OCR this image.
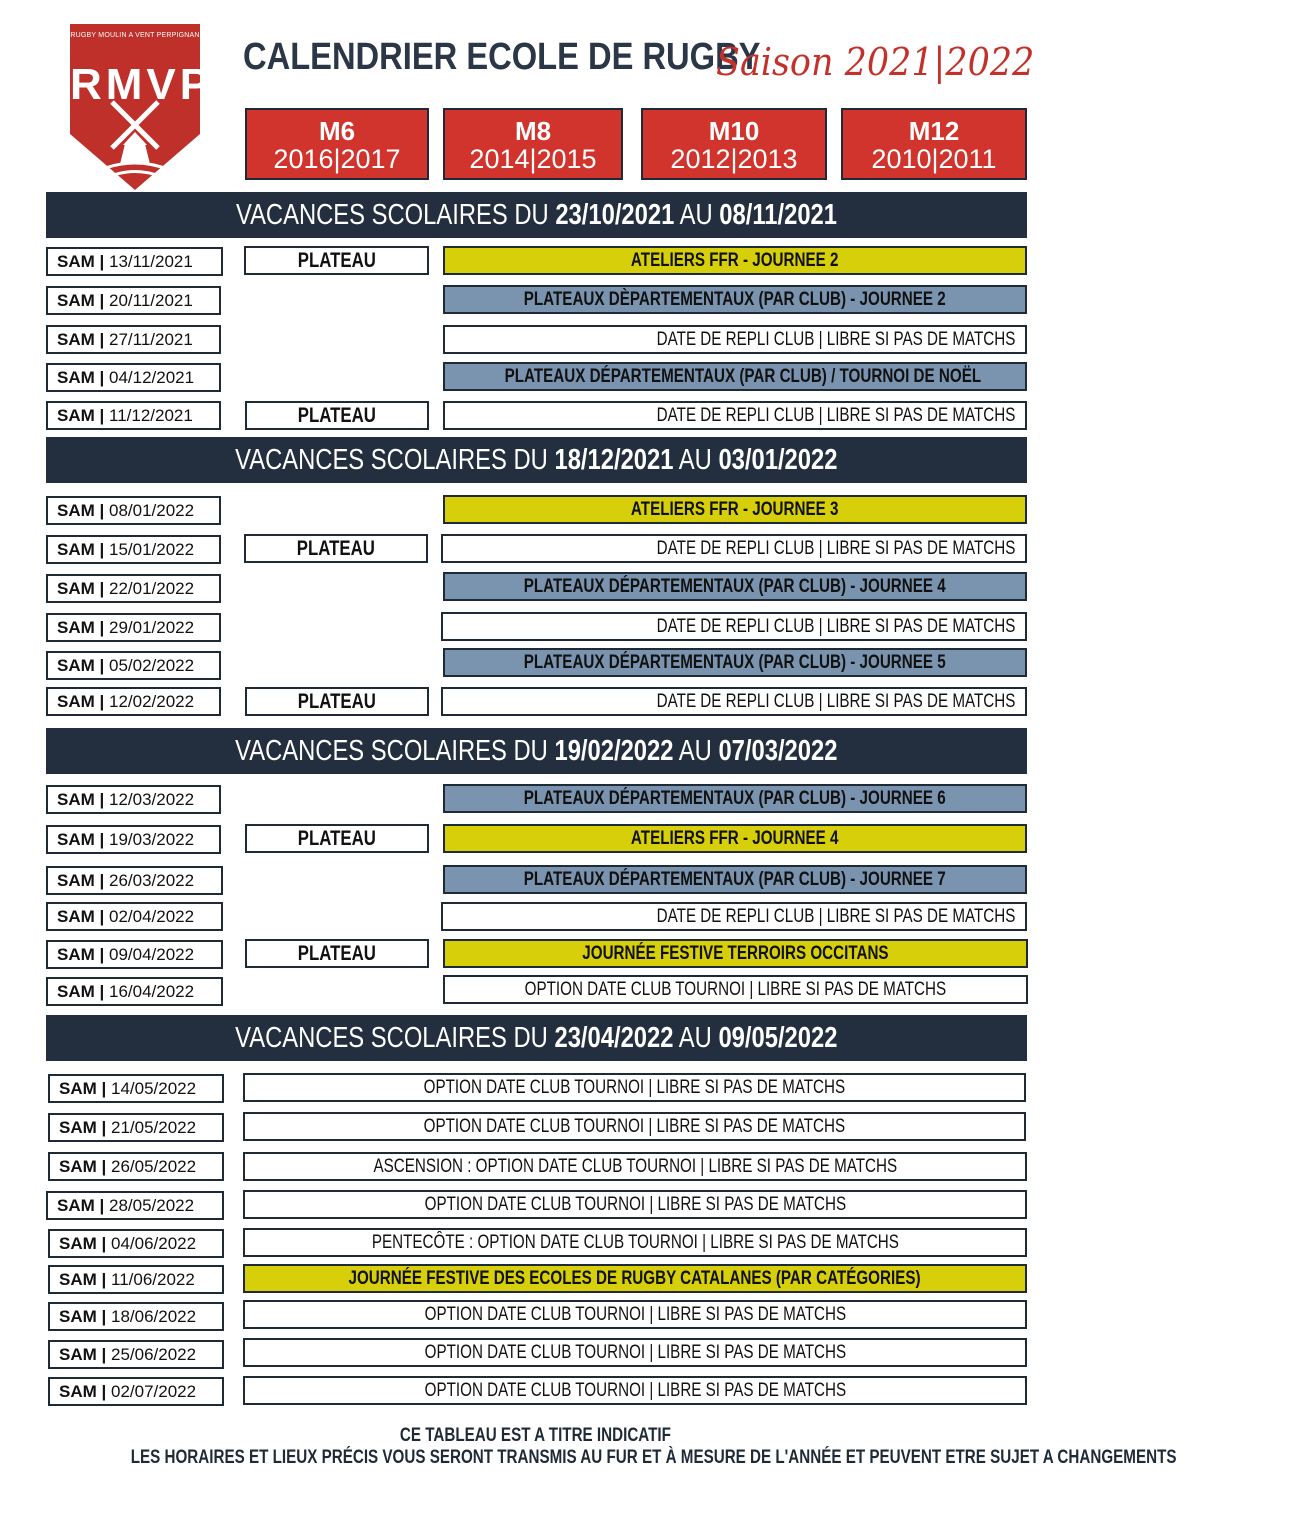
RUGBY MOULIN A VENT PERPIGNAN
RMVP
CALENDRIER ECOLE DE RUGBY
Saison 2021|2022
M6
2016|2017
M8
2014|2015
M10
2012|2013
M12
2010|2011
VACANCES SCOLAIRES DU 23/10/2021 AU 08/11/2021
SAM | 13/11/2021	PLATEAU	ATELIERS FFR - JOURNEE 2
SAM | 20/11/2021	PLATEAUX DÈPARTEMENTAUX (PAR CLUB) - JOURNEE 2
SAM | 27/11/2021	DATE DE REPLI CLUB | LIBRE SI PAS DE MATCHS
SAM | 04/12/2021	PLATEAUX DÉPARTEMENTAUX (PAR CLUB) / TOURNOI DE NOËL
SAM | 11/12/2021	PLATEAU	DATE DE REPLI CLUB | LIBRE SI PAS DE MATCHS
VACANCES SCOLAIRES DU 18/12/2021 AU 03/01/2022
SAM | 08/01/2022	ATELIERS FFR - JOURNEE 3
SAM | 15/01/2022	PLATEAU	DATE DE REPLI CLUB | LIBRE SI PAS DE MATCHS
SAM | 22/01/2022	PLATEAUX DÉPARTEMENTAUX (PAR CLUB) - JOURNEE 4
SAM | 29/01/2022	DATE DE REPLI CLUB | LIBRE SI PAS DE MATCHS
SAM | 05/02/2022	PLATEAUX DÉPARTEMENTAUX (PAR CLUB) - JOURNEE 5
SAM | 12/02/2022	PLATEAU	DATE DE REPLI CLUB | LIBRE SI PAS DE MATCHS
VACANCES SCOLAIRES DU 19/02/2022 AU 07/03/2022
SAM | 12/03/2022	PLATEAUX DÉPARTEMENTAUX (PAR CLUB) - JOURNEE 6
SAM | 19/03/2022	PLATEAU	ATELIERS FFR - JOURNEE 4
SAM | 26/03/2022	PLATEAUX DÉPARTEMENTAUX (PAR CLUB) - JOURNEE 7
SAM | 02/04/2022	DATE DE REPLI CLUB | LIBRE SI PAS DE MATCHS
SAM | 09/04/2022	PLATEAU	JOURNÉE FESTIVE TERROIRS OCCITANS
SAM | 16/04/2022	OPTION DATE CLUB TOURNOI | LIBRE SI PAS DE MATCHS
VACANCES SCOLAIRES DU 23/04/2022 AU 09/05/2022
SAM | 14/05/2022	OPTION DATE CLUB TOURNOI | LIBRE SI PAS DE MATCHS
SAM | 21/05/2022	OPTION DATE CLUB TOURNOI | LIBRE SI PAS DE MATCHS
SAM | 26/05/2022	ASCENSION : OPTION DATE CLUB TOURNOI | LIBRE SI PAS DE MATCHS
SAM | 28/05/2022	OPTION DATE CLUB TOURNOI | LIBRE SI PAS DE MATCHS
SAM | 04/06/2022	PENTECÔTE : OPTION DATE CLUB TOURNOI | LIBRE SI PAS DE MATCHS
SAM | 11/06/2022	JOURNÉE FESTIVE DES ECOLES DE RUGBY CATALANES (PAR CATÉGORIES)
SAM | 18/06/2022	OPTION DATE CLUB TOURNOI | LIBRE SI PAS DE MATCHS
SAM | 25/06/2022	OPTION DATE CLUB TOURNOI | LIBRE SI PAS DE MATCHS
SAM | 02/07/2022	OPTION DATE CLUB TOURNOI | LIBRE SI PAS DE MATCHS
CE TABLEAU EST A TITRE INDICATIF
LES HORAIRES ET LIEUX PRÉCIS VOUS SERONT TRANSMIS AU FUR ET À MESURE DE L'ANNÉE ET PEUVENT ETRE SUJET A CHANGEMENTS
